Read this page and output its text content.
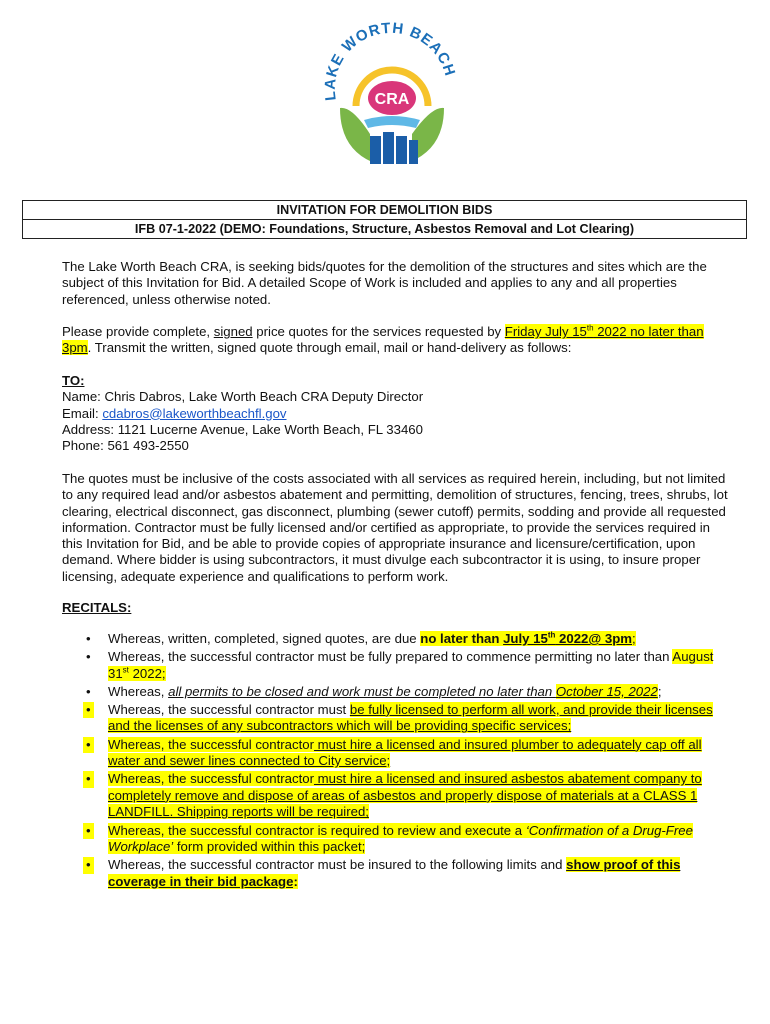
LAKE WORTH BEACH
CRA
INVITATION FOR DEMOLITION BIDS
IFB 07-1-2022 (DEMO: Foundations, Structure, Asbestos Removal and Lot Clearing)

The Lake Worth Beach CRA, is seeking bids/quotes for the demolition of the structures and sites which are the subject of this Invitation for Bid. A detailed Scope of Work is included and applies to any and all properties referenced, unless otherwise noted.

Please provide complete, signed price quotes for the services requested by Friday July 15th 2022 no later than 3pm. Transmit the written, signed quote through email, mail or hand-delivery as follows:

TO:
Name: Chris Dabros, Lake Worth Beach CRA Deputy Director
Email: cdabros@lakeworthbeachfl.gov
Address: 1121 Lucerne Avenue, Lake Worth Beach, FL 33460
Phone: 561 493-2550

The quotes must be inclusive of the costs associated with all services as required herein, including, but not limited to any required lead and/or asbestos abatement and permitting, demolition of structures, fencing, trees, shrubs, lot clearing, electrical disconnect, gas disconnect, plumbing (sewer cutoff) permits, sodding and provide all requested information. Contractor must be fully licensed and/or certified as appropriate, to provide the services required in this Invitation for Bid, and be able to provide copies of appropriate insurance and licensure/certification, upon demand. Where bidder is using subcontractors, it must divulge each subcontractor it is using, to insure proper licensing, adequate experience and qualifications to perform work.

RECITALS:
• Whereas, written, completed, signed quotes, are due no later than July 15th 2022@ 3pm;
• Whereas, the successful contractor must be fully prepared to commence permitting no later than August 31st 2022;
• Whereas, all permits to be closed and work must be completed no later than October 15, 2022;
• Whereas, the successful contractor must be fully licensed to perform all work, and provide their licenses and the licenses of any subcontractors which will be providing specific services;
• Whereas, the successful contractor must hire a licensed and insured plumber to adequately cap off all water and sewer lines connected to City service;
• Whereas, the successful contractor must hire a licensed and insured asbestos abatement company to completely remove and dispose of areas of asbestos and properly dispose of materials at a CLASS 1 LANDFILL. Shipping reports will be required;
• Whereas, the successful contractor is required to review and execute a ‘Confirmation of a Drug-Free Workplace’ form provided within this packet;
• Whereas, the successful contractor must be insured to the following limits and show proof of this coverage in their bid package:
